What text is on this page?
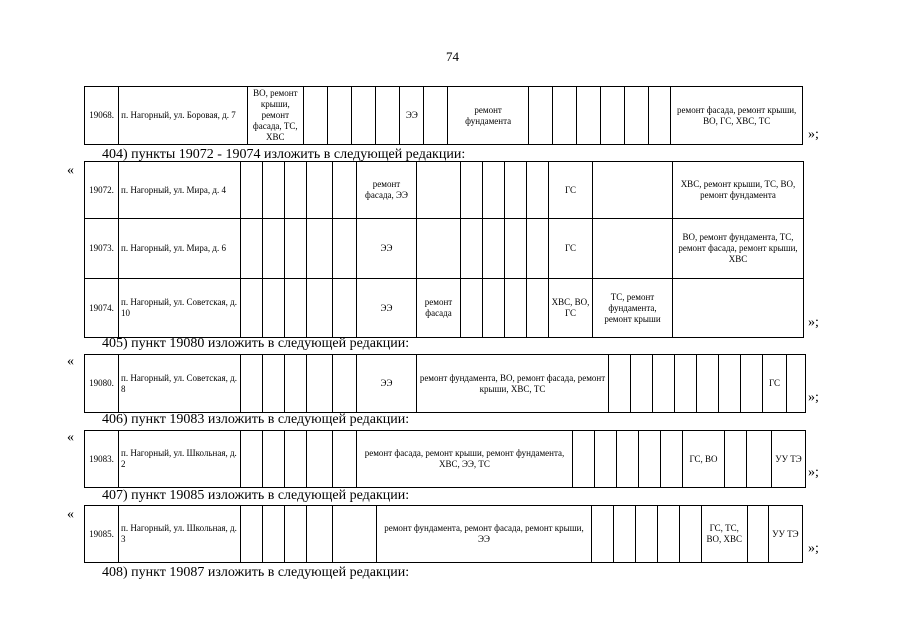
74
19068.	п. Нагорный, ул. Боровая, д. 7	ВО, ремонт крыши, ремонт фасада, ТС, ХВС					ЭЭ		ремонт фундамента							ремонт фасада, ремонт крыши, ВО, ГС, ХВС, ТС
»;
404) пункты 19072 - 19074 изложить в следующей редакции:
«
19072.	п. Нагорный, ул. Мира, д. 4						ремонт фасада, ЭЭ						ГС		ХВС, ремонт крыши, ТС, ВО, ремонт фундамента
19073.	п. Нагорный, ул. Мира, д. 6						ЭЭ						ГС		ВО, ремонт фундамента, ТС, ремонт фасада, ремонт крыши, ХВС
19074.	п. Нагорный, ул. Советская, д. 10						ЭЭ	ремонт фасада					ХВС, ВО, ГС	ТС, ремонт фундамента, ремонт крыши		»;
405) пункт 19080 изложить в следующей редакции:
«
19080.	п. Нагорный, ул. Советская, д. 8						ЭЭ	ремонт фундамента, ВО, ремонт фасада, ремонт крыши, ХВС, ТС								ГС	
»;
406) пункт 19083 изложить в следующей редакции:
«
19083.	п. Нагорный, ул. Школьная, д. 2						ремонт фасада, ремонт крыши, ремонт фундамента, ХВС, ЭЭ, ТС						ГС, ВО			УУ ТЭ
»;
407) пункт 19085 изложить в следующей редакции:
«
19085.	п. Нагорный, ул. Школьная, д. 3						ремонт фундамента, ремонт фасада, ремонт крыши, ЭЭ						ГС, ТС, ВО, ХВС		УУ ТЭ
»;
408) пункт 19087 изложить в следующей редакции:
